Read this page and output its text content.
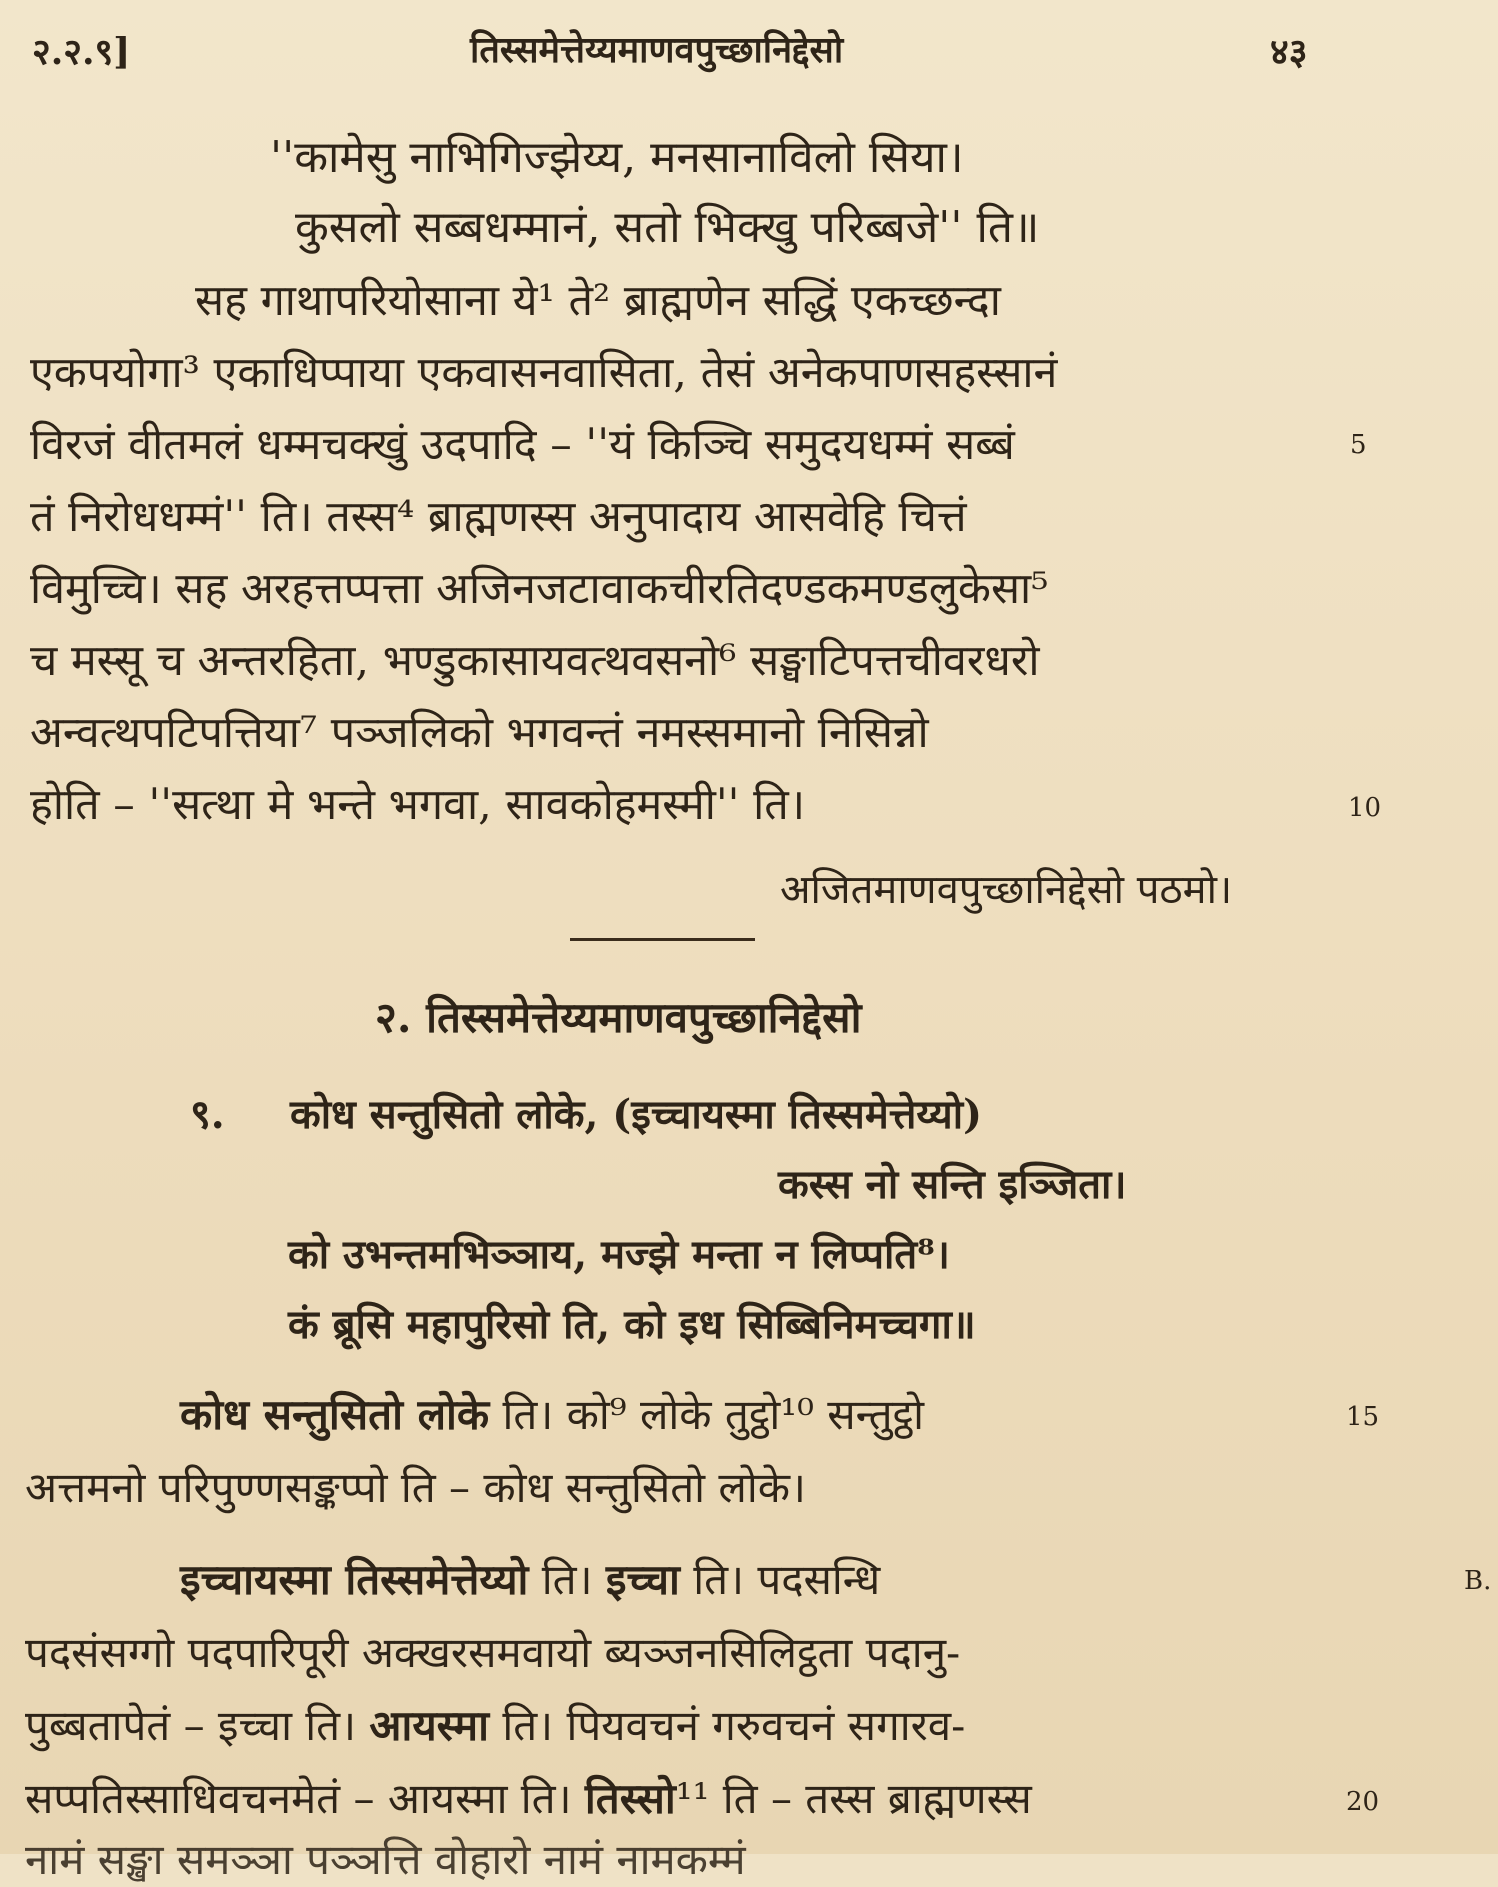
२.२.९]	तिस्समेत्तेय्यमाणवपुच्छानिद्देसो	४३
''कामेसु नाभिगिज्झेय्य, मनसानाविलो सिया।
कुसलो सब्बधम्मानं, सतो भिक्खु परिब्बजे'' ति॥
सह गाथापरियोसाना ये¹ ते² ब्राह्मणेन सद्धिं एकच्छन्दा
एकपयोगा³ एकाधिप्पाया एकवासनवासिता, तेसं अनेकपाणसहस्सानं
विरजं वीतमलं धम्मचक्खुं उदपादि – ''यं किञ्चि समुदयधम्मं सब्बं
तं निरोधधम्मं'' ति। तस्स⁴ ब्राह्मणस्स अनुपादाय आसवेहि चित्तं
विमुच्चि। सह अरहत्तप्पत्ता अजिनजटावाकचीरतिदण्डकमण्डलुकेसा⁵
च मस्सू च अन्तरहिता, भण्डुकासायवत्थवसनो⁶ सङ्घाटिपत्तचीवरधरो
अन्वत्थपटिपत्तिया⁷ पञ्जलिको भगवन्तं नमस्समानो निसिन्नो
होति – ''सत्था मे भन्ते भगवा, सावकोहमस्मी'' ति।
5
10
15
B.
20
अजितमाणवपुच्छानिद्देसो पठमो।
२. तिस्समेत्तेय्यमाणवपुच्छानिद्देसो
९. कोध सन्तुसितो लोके, (इच्चायस्मा तिस्समेत्तेय्यो)
कस्स नो सन्ति इञ्जिता।
को उभन्तमभिञ्ञाय, मज्झे मन्ता न लिप्पति⁸।
कं ब्रूसि महापुरिसो ति, को इध सिब्बिनिमच्चगा॥
कोध सन्तुसितो लोके ति। को⁹ लोके तुट्ठो¹⁰ सन्तुट्ठो
अत्तमनो परिपुण्णसङ्कप्पो ति – कोध सन्तुसितो लोके।
इच्चायस्मा तिस्समेत्तेय्यो ति। इच्चा ति। पदसन्धि
पदसंसग्गो पदपारिपूरी अक्खरसमवायो ब्यञ्जनसिलिट्ठता पदानु-
पुब्बतापेतं – इच्चा ति। आयस्मा ति। पियवचनं गरुवचनं सगारव-
सप्पतिस्साधिवचनमेतं – आयस्मा ति। तिस्सो¹¹ ति – तस्स ब्राह्मणस्स
नामं सङ्खा समञ्ञा पञ्ञत्ति वोहारो नामं नामकम्मं
